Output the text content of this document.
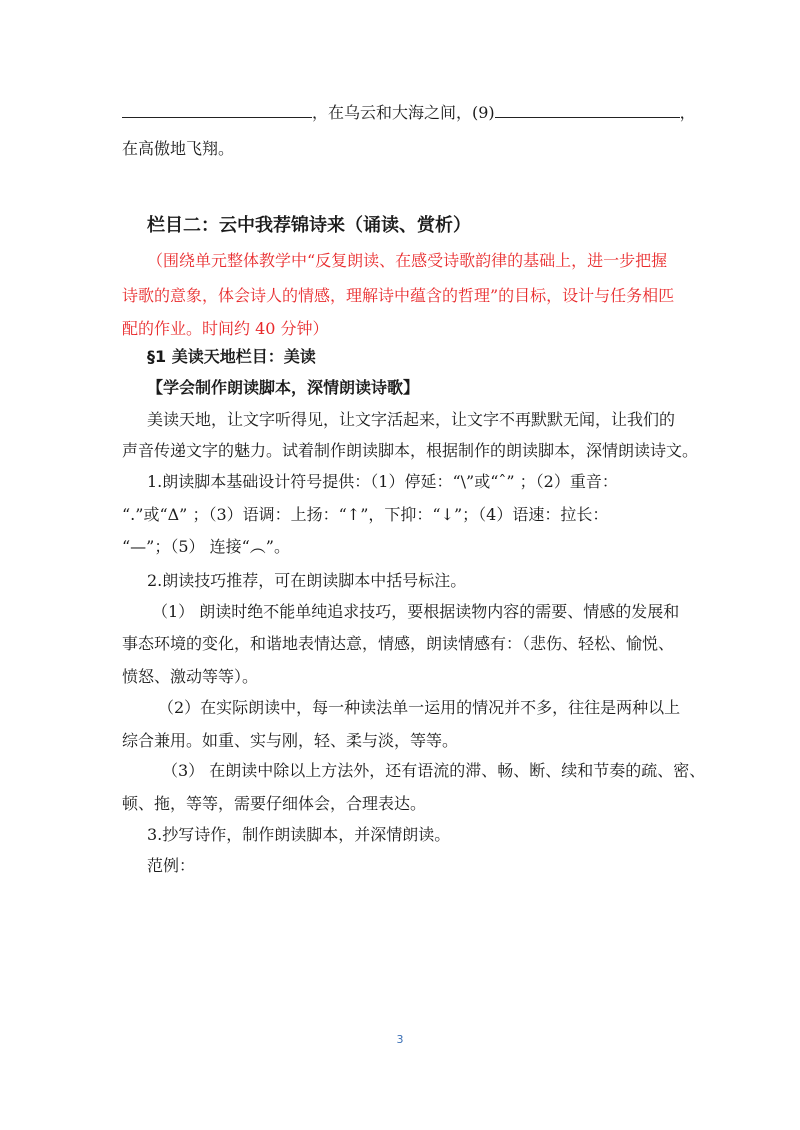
，在乌云和大海之间，(9)	，
在高傲地飞翔。
栏目二：云中我荐锦诗来（诵读、赏析）
（围绕单元整体教学中“反复朗读、在感受诗歌韵律的基础上，进一步把握
诗歌的意象，体会诗人的情感，理解诗中蕴含的哲理”的目标，设计与任务相匹
配的作业。时间约 40 分钟）
§1 美读天地栏目：美读
【学会制作朗读脚本，深情朗读诗歌】
美读天地，让文字听得见，让文字活起来，让文字不再默默无闻，让我们的
声音传递文字的魅力。试着制作朗读脚本，根据制作的朗读脚本，深情朗读诗文。
1.朗读脚本基础设计符号提供：（1）停延：“\”或“ˆ” ；（2）重音：
“.”或“Δ” ；（3）语调：上扬：“↑”，下抑：“↓”；（4）语速：拉长：
“—”；（5） 连接“︵”。
2.朗读技巧推荐，可在朗读脚本中括号标注。
（1） 朗读时绝不能单纯追求技巧，要根据读物内容的需要、情感的发展和
事态环境的变化，和谐地表情达意，情感，朗读情感有：（悲伤、轻松、愉悦、
愤怒、激动等等）。
（2）在实际朗读中，每一种读法单一运用的情况并不多，往往是两种以上
综合兼用。如重、实与刚，轻、柔与淡，等等。
（3） 在朗读中除以上方法外，还有语流的滞、畅、断、续和节奏的疏、密、
顿、拖，等等，需要仔细体会，合理表达。
3.抄写诗作，制作朗读脚本，并深情朗读。
范例：
3
